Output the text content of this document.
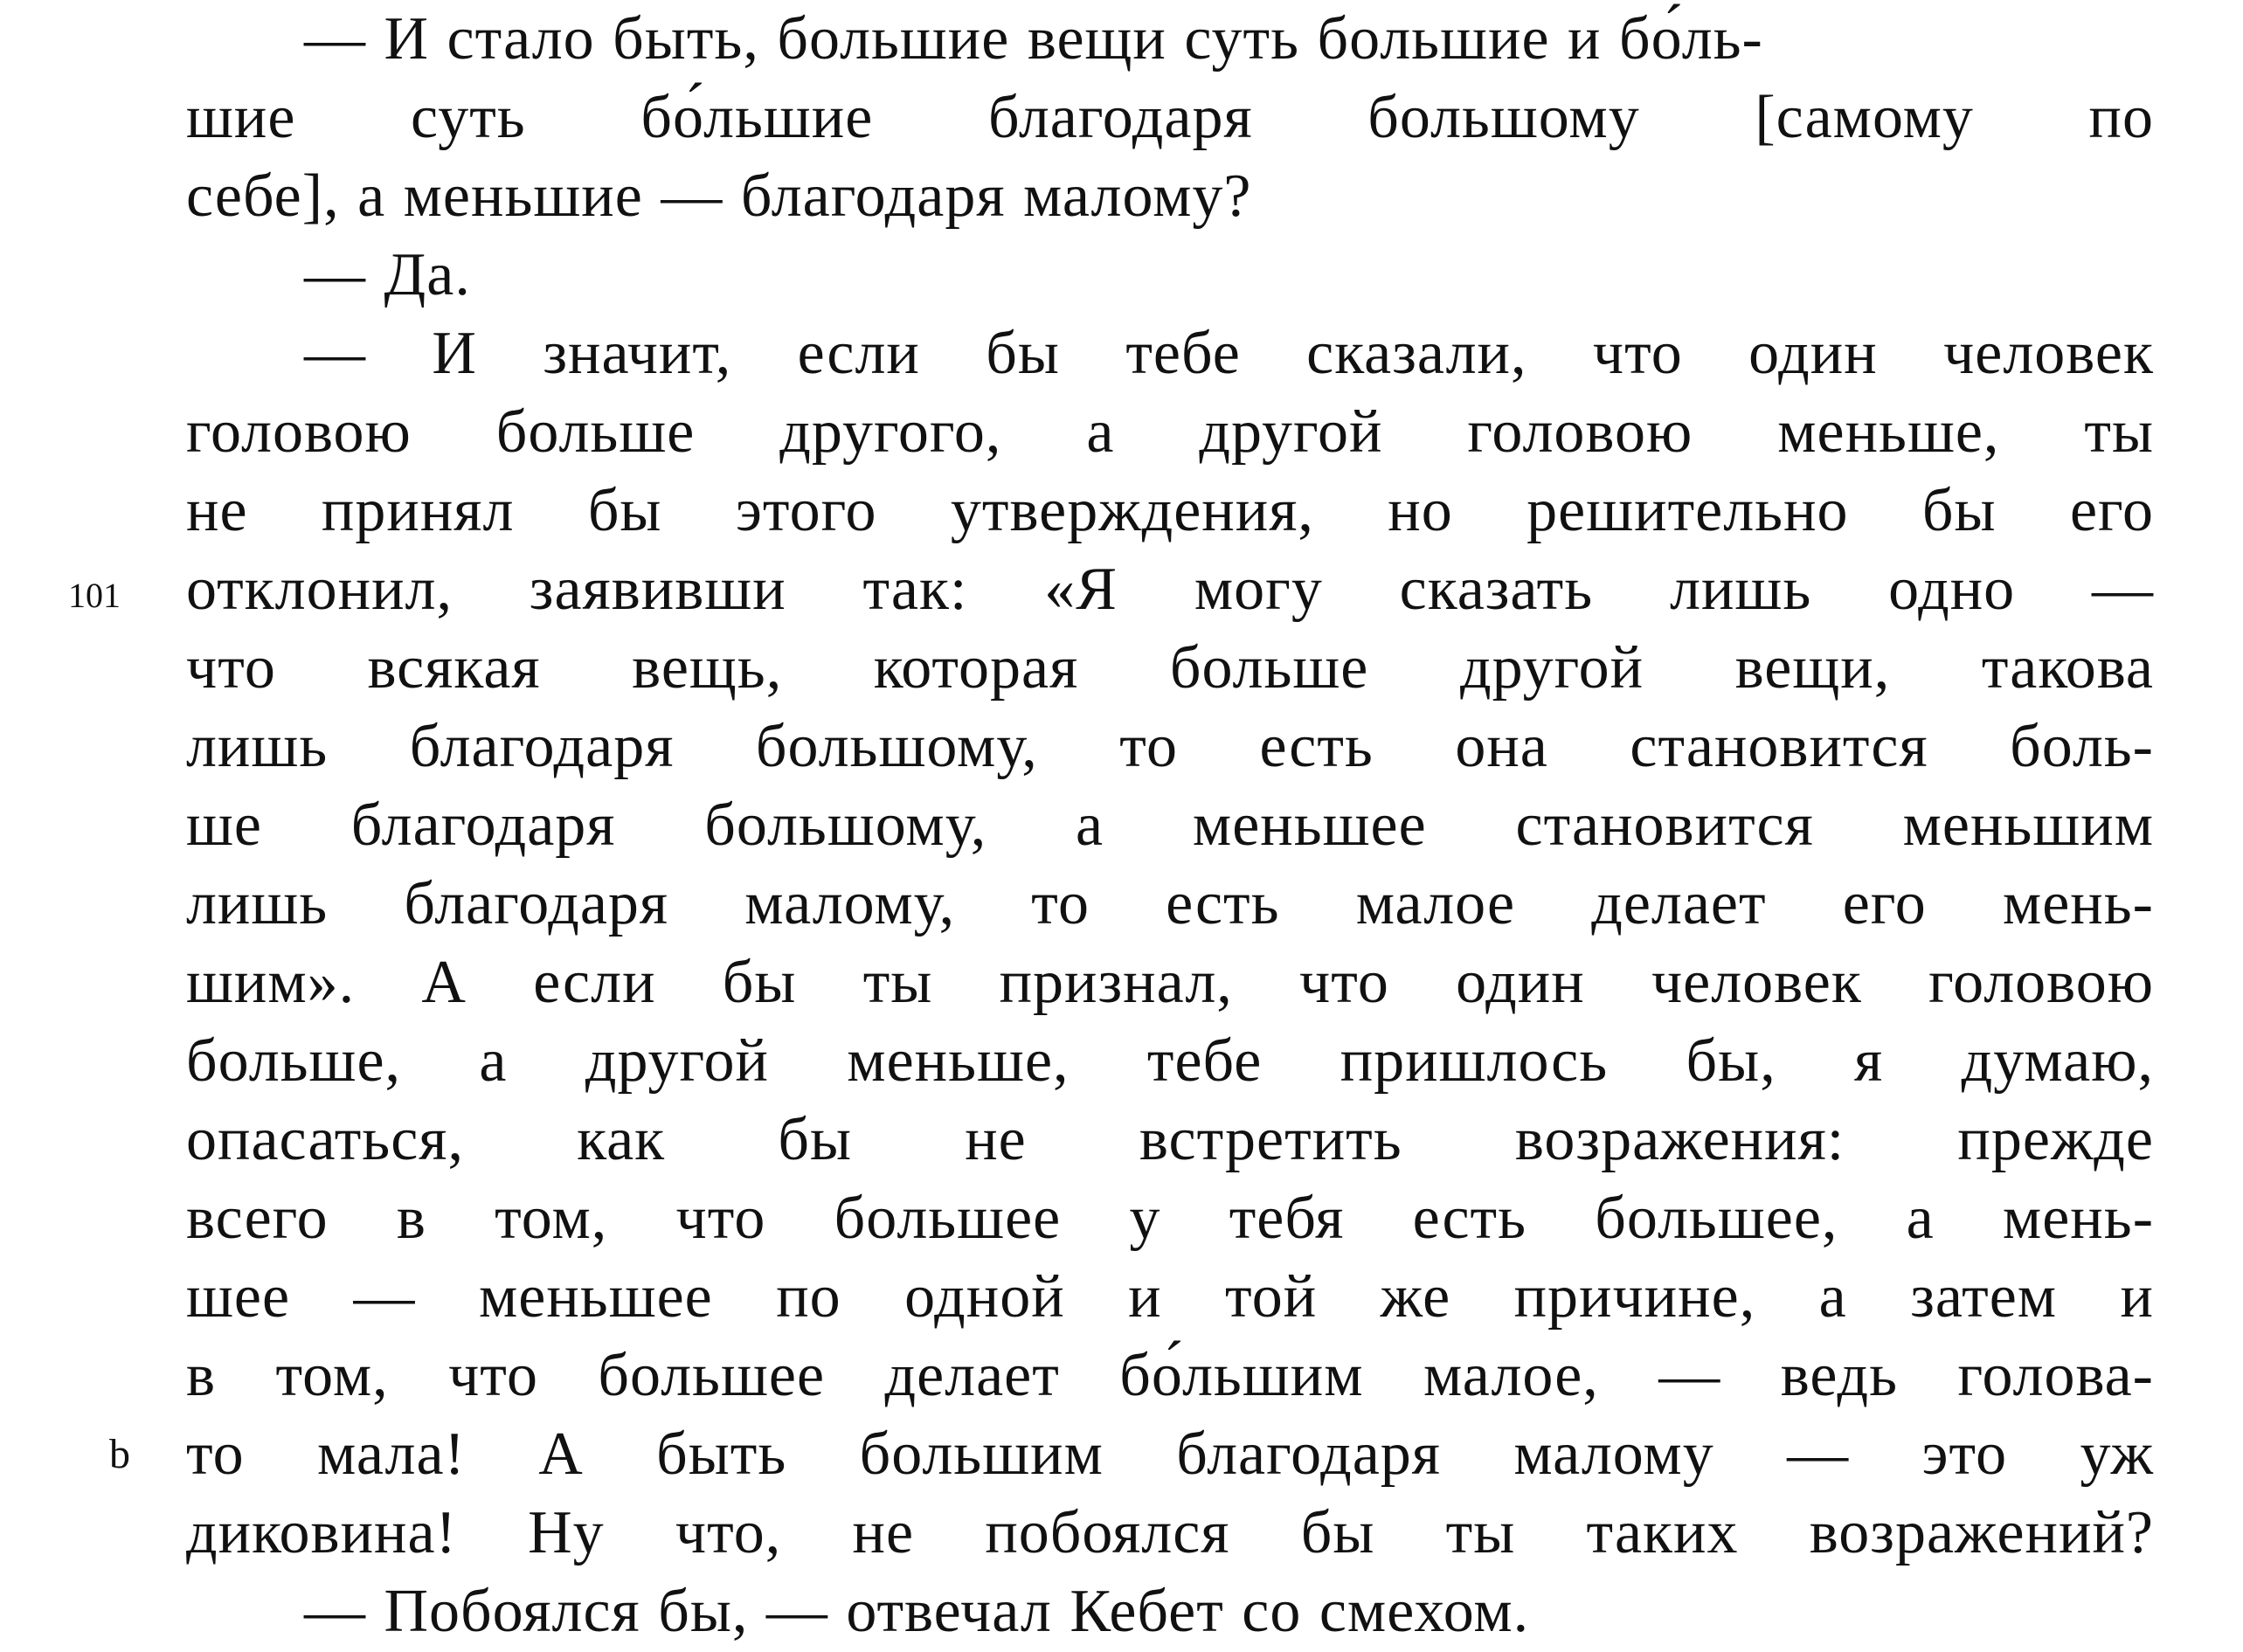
— И стало быть, большие вещи суть большие и бо́ль-
шие суть бо́льшие благодаря большому [самому по
себе], а меньшие — благодаря малому?
— Да.
— И значит, если бы тебе сказали, что один человек
головою больше другого, а другой головою меньше, ты
не принял бы этого утверждения, но решительно бы его
101 отклонил, заявивши так: «Я могу сказать лишь одно —
что всякая вещь, которая больше другой вещи, такова
лишь благодаря большому, то есть она становится боль-
ше благодаря большому, а меньшее становится меньшим
лишь благодаря малому, то есть малое делает его мень-
шим». А если бы ты признал, что один человек головою
больше, а другой меньше, тебе пришлось бы, я думаю,
опасаться, как бы не встретить возражения: прежде
всего в том, что большее у тебя есть большее, а мень-
шее — меньшее по одной и той же причине, а затем и
в том, что большее делает бо́льшим малое, — ведь голова-
b то мала! А быть большим благодаря малому — это уж
диковина! Ну что, не побоялся бы ты таких возражений?
— Побоялся бы, — отвечал Кебет со смехом.
